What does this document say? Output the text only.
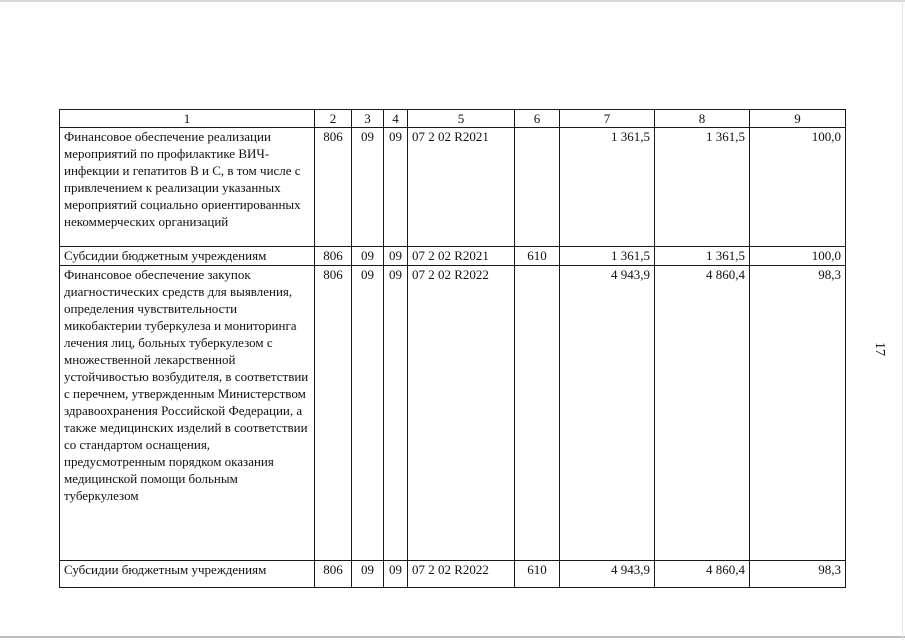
1	2	3	4	5	6	7	8	9
Финансовое обеспечение реализации мероприятий по профилактике ВИЧ-инфекции и гепатитов В и С, в том числе с привлечением к реализации указанных мероприятий социально ориентированных некоммерческих организаций	806	09	09	07 2 02 R2021		1 361,5	1 361,5	100,0
Субсидии бюджетным учреждениям	806	09	09	07 2 02 R2021	610	1 361,5	1 361,5	100,0
Финансовое обеспечение закупок диагностических средств для выявления, определения чувствительности микобактерии туберкулеза и мониторинга лечения лиц, больных туберкулезом с множественной лекарственной устойчивостью возбудителя, в соответствии с перечнем, утвержденным Министерством здравоохранения Российской Федерации, а также медицинских изделий в соответствии со стандартом оснащения, предусмотренным порядком оказания медицинской помощи больным туберкулезом	806	09	09	07 2 02 R2022		4 943,9	4 860,4	98,3
Субсидии бюджетным учреждениям	806	09	09	07 2 02 R2022	610	4 943,9	4 860,4	98,3
17
